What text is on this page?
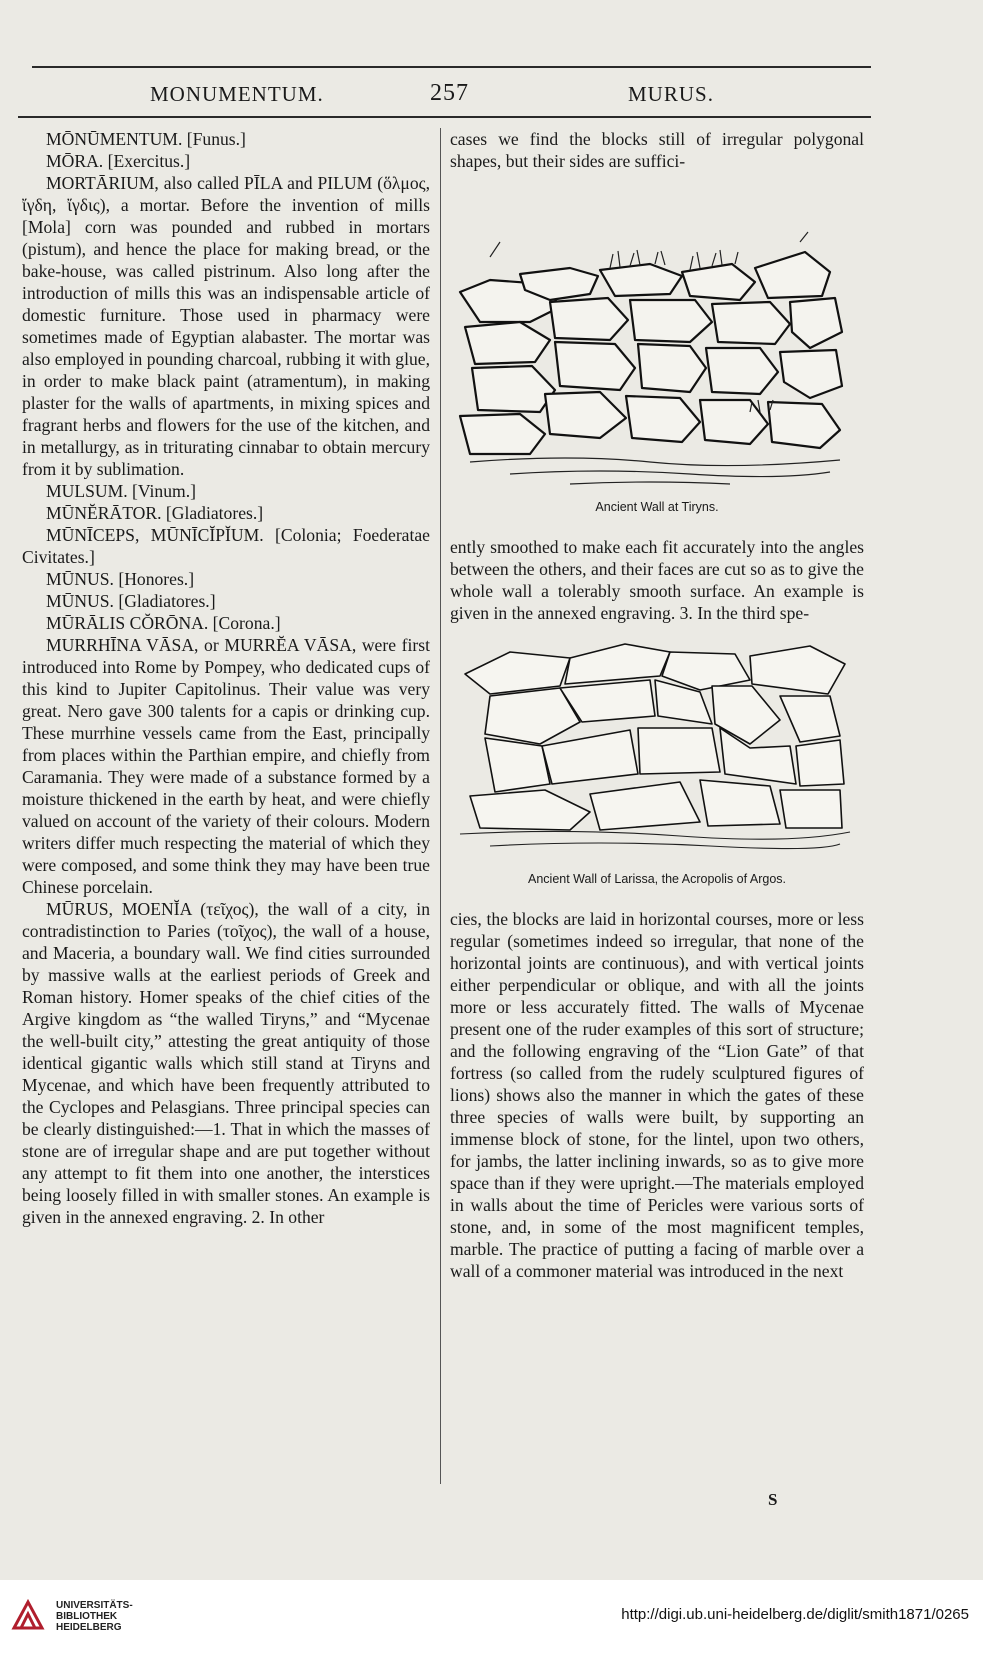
MONUMENTUM.	257	MURUS.

MŌNŪMENTUM. [Funus.]

MŌRA. [Exercitus.]

MORTĀRIUM, also called PĪLA and PILUM (ὅλμος, ἴγδη, ἴγδις), a mortar. Before the invention of mills [Mola] corn was pounded and rubbed in mortars (pistum), and hence the place for making bread, or the bake-house, was called pistrinum. Also long after the introduction of mills this was an indispensable article of domestic furniture. Those used in pharmacy were sometimes made of Egyptian alabaster. The mortar was also employed in pounding charcoal, rubbing it with glue, in order to make black paint (atramentum), in making plaster for the walls of apartments, in mixing spices and fragrant herbs and flowers for the use of the kitchen, and in metallurgy, as in triturating cinnabar to obtain mercury from it by sublimation.

MULSUM. [Vinum.]

MŪNĔRĀTOR. [Gladiatores.]

MŪNĪCEPS, MŪNĪCĬPĬUM. [Colonia; Foederatae Civitates.]

MŪNUS. [Honores.]

MŪNUS. [Gladiatores.]

MŪRĀLIS CŎRŌNA. [Corona.]

MURRHĪNA VĀSA, or MURRĔA VĀSA, were first introduced into Rome by Pompey, who dedicated cups of this kind to Jupiter Capitolinus. Their value was very great. Nero gave 300 talents for a capis or drinking cup. These murrhine vessels came from the East, principally from places within the Parthian empire, and chiefly from Caramania. They were made of a substance formed by a moisture thickened in the earth by heat, and were chiefly valued on account of the variety of their colours. Modern writers differ much respecting the material of which they were composed, and some think they may have been true Chinese porcelain.

MŪRUS, MOENĬA (τεῖχος), the wall of a city, in contradistinction to Paries (τοῖχος), the wall of a house, and Maceria, a boundary wall. We find cities surrounded by massive walls at the earliest periods of Greek and Roman history. Homer speaks of the chief cities of the Argive kingdom as “the walled Tiryns,” and “Mycenae the well-built city,” attesting the great antiquity of those identical gigantic walls which still stand at Tiryns and Mycenae, and which have been frequently attributed to the Cyclopes and Pelasgians. Three principal species can be clearly distinguished:—1. That in which the masses of stone are of irregular shape and are put together without any attempt to fit them into one another, the interstices being loosely filled in with smaller stones. An example is given in the annexed engraving. 2. In other

cases we find the blocks still of irregular polygonal shapes, but their sides are suffici-

Ancient Wall at Tiryns.

ently smoothed to make each fit accurately into the angles between the others, and their faces are cut so as to give the whole wall a tolerably smooth surface. An example is given in the annexed engraving. 3. In the third spe-

Ancient Wall of Larissa, the Acropolis of Argos.

cies, the blocks are laid in horizontal courses, more or less regular (sometimes indeed so irregular, that none of the horizontal joints are continuous), and with vertical joints either perpendicular or oblique, and with all the joints more or less accurately fitted. The walls of Mycenae present one of the ruder examples of this sort of structure; and the following engraving of the “Lion Gate” of that fortress (so called from the rudely sculptured figures of lions) shows also the manner in which the gates of these three species of walls were built, by supporting an immense block of stone, for the lintel, upon two others, for jambs, the latter inclining inwards, so as to give more space than if they were upright.—The materials employed in walls about the time of Pericles were various sorts of stone, and, in some of the most magnificent temples, marble. The practice of putting a facing of marble over a wall of a commoner material was introduced in the next

S
UNIVERSITÄTS-
BIBLIOTHEK
HEIDELBERG
http://digi.ub.uni-heidelberg.de/diglit/smith1871/0265
